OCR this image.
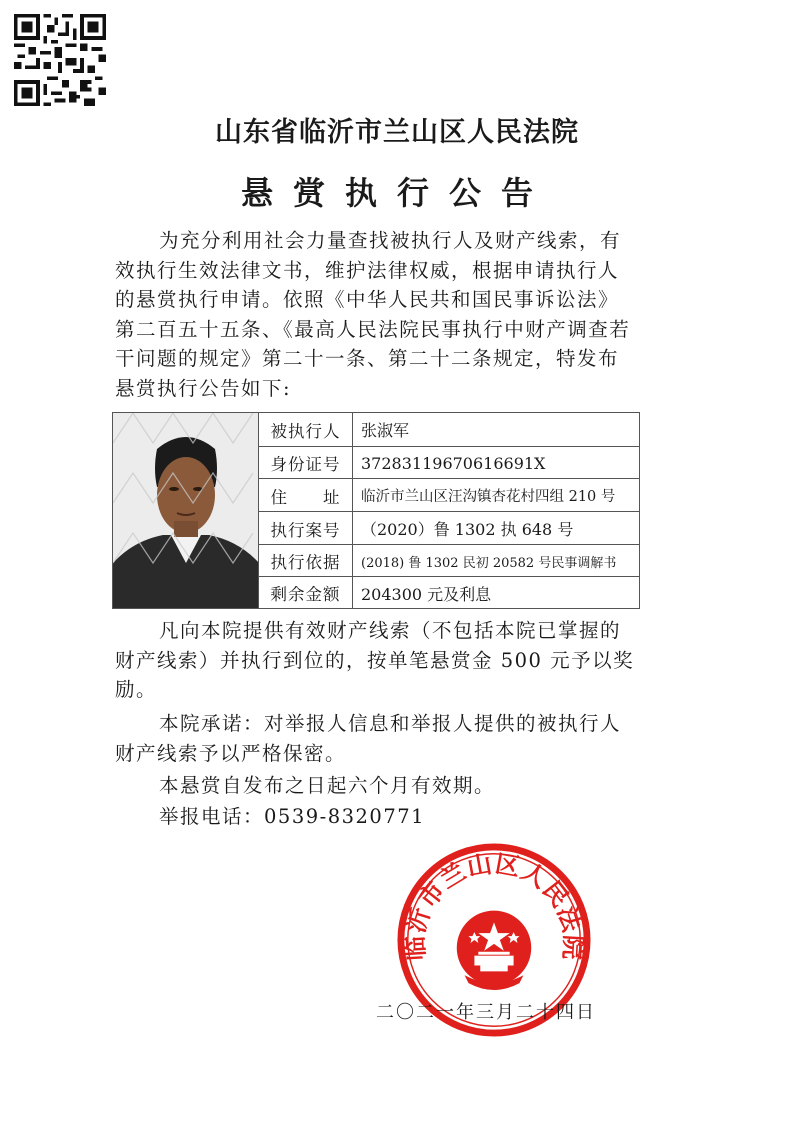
山东省临沂市兰山区人民法院
悬赏执行公告

为充分利用社会力量查找被执行人及财产线索，有效执行生效法律文书，维护法律权威，根据申请执行人的悬赏执行申请。依照《中华人民共和国民事诉讼法》第二百五十五条、《最高人民法院民事执行中财产调查若干问题的规定》第二十一条、第二十二条规定，特发布悬赏执行公告如下:

被执行人	张淑军
身份证号	37283119670616691X
住　　址	临沂市兰山区汪沟镇杏花村四组 210 号
执行案号	（2020）鲁 1302 执 648 号
执行依据	(2018) 鲁 1302 民初 20582 号民事调解书
剩余金额	204300 元及利息

凡向本院提供有效财产线索（不包括本院已掌握的财产线索）并执行到位的，按单笔悬赏金 500 元予以奖励。

本院承诺：对举报人信息和举报人提供的被执行人财产线索予以严格保密。

本悬赏自发布之日起六个月有效期。

举报电话：0539-8320771

临沂市兰山区人民法院
二〇二一年三月二十四日
